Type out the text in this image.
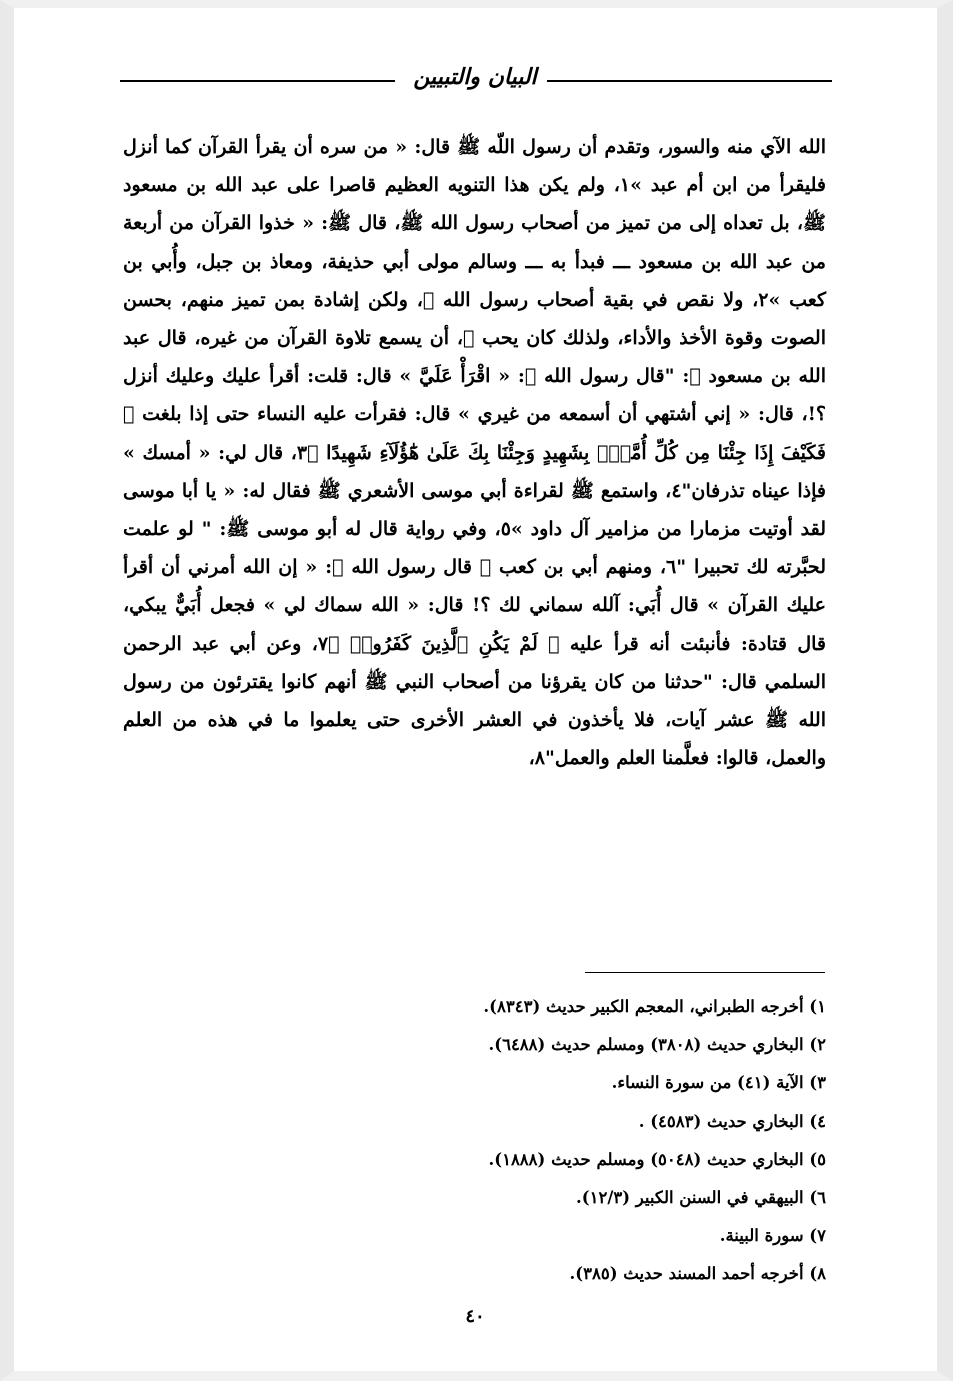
البيان والتبيين

الله الآي منه والسور، وتقدم أن رسول اللّه ﷺ قال: « من سره أن يقرأ القرآن كما أنزل فليقرأ من ابن أم عبد »١، ولم يكن هذا التنويه العظيم قاصرا على عبد الله بن مسعود ﷺ، بل تعداه إلى من تميز من أصحاب رسول الله ﷺ، قال ﷺ: « خذوا القرآن من أربعة من عبد الله بن مسعود ـــ فبدأ به ـــ وسالم مولى أبي حذيفة، ومعاذ بن جبل، وأُبي بن كعب »٢، ولا نقص في بقية أصحاب رسول الله ﷺ، ولكن إشادة بمن تميز منهم، بحسن الصوت وقوة الأخذ والأداء، ولذلك كان يحب ﷺ، أن يسمع تلاوة القرآن من غيره، قال عبد الله بن مسعود ﷺ: "قال رسول الله ﷺ: « اقْرَأْ عَلَيَّ » قال: قلت: أقرأ عليك وعليك أنزل ؟!، قال: « إني أشتهي أن أسمعه من غيري » قال: فقرأت عليه النساء حتى إذا بلغت ﴿ فَكَيْفَ إِذَا جِئْنَا مِن كُلِّ أُمَّةٍۭ بِشَهِيدٍ وَجِئْنَا بِكَ عَلَىٰ هَٰٓؤُلَآءِ شَهِيدًا ﴾٣، قال لي: « أمسك » فإذا عيناه تذرفان"٤، واستمع ﷺ لقراءة أبي موسى الأشعري ﷺ فقال له: « يا أبا موسى لقد أوتيت مزمارا من مزامير آل داود »٥، وفي رواية قال له أبو موسى ﷺ: " لو علمت لحبَّرته لك تحبيرا "٦، ومنهم أبي بن كعب ﷺ قال رسول الله ﷺ: « إن الله أمرني أن أقرأ عليك القرآن » قال أُبَي: آلله سماني لك ؟! قال: « الله سماك لي » فجعل أُبَيٌّ يبكي، قال قتادة: فأنبئت أنه قرأ عليه ﴿ لَمْ يَكُنِ ٱلَّذِينَ كَفَرُوا۟ ﴾٧، وعن أبي عبد الرحمن السلمي قال: "حدثنا من كان يقرؤنا من أصحاب النبي ﷺ أنهم كانوا يقترئون من رسول الله ﷺ عشر آيات، فلا يأخذون في العشر الأخرى حتى يعلموا ما في هذه من العلم والعمل، قالوا: فعلَّمنا العلم والعمل"٨،

١) أخرجه الطبراني، المعجم الكبير حديث (٨٣٤٣).
٢) البخاري حديث (٣٨٠٨) ومسلم حديث (٦٤٨٨).
٣) الآية (٤١) من سورة النساء.
٤) البخاري حديث (٤٥٨٣) .
٥) البخاري حديث (٥٠٤٨) ومسلم حديث (١٨٨٨).
٦) البيهقي في السنن الكبير (١٢/٣).
٧) سورة البينة.
٨) أخرجه أحمد المسند حديث (٣٨٥).
٤٠
